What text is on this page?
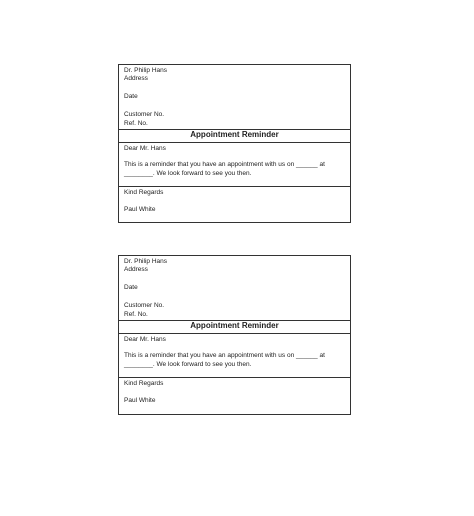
Dr. Philip Hans
Address
Date
Customer No.
Ref. No.
Appointment Reminder
Dear Mr. Hans
This is a reminder that you have an appointment with us on ______ at
________. We look forward to see you then.
Kind Regards
Paul White
Dr. Philip Hans
Address
Date
Customer No.
Ref. No.
Appointment Reminder
Dear Mr. Hans
This is a reminder that you have an appointment with us on ______ at
________. We look forward to see you then.
Kind Regards
Paul White
